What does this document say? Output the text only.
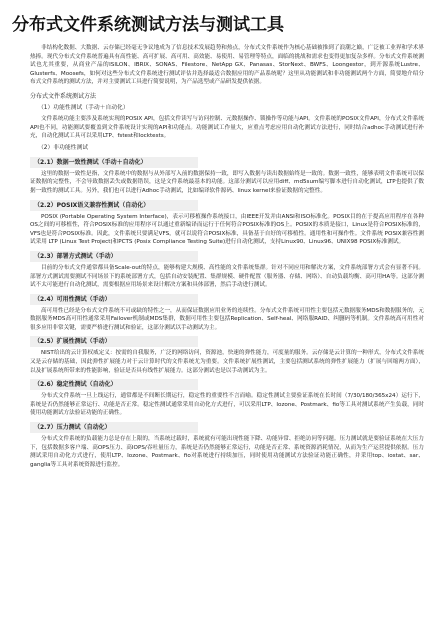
分布式文件系统测试方法与测试工具

非结构化数据、大数据、云存储已经毫无争议地成为了信息技术发展趋势和热点，分布式文件系统作为核心基础被推到了浪潮之巅，广泛被工业界和学术界热捧。现代分布式文件系统普遍具有高性能、高可扩展、高可用、高效能、易使用、易管理等特点，面临的挑战和需求也变得更加复杂多样。分布式文件系统测试也尤其重要，从商业产品的ISILON、IBRIX、SONAS、Filestore、NetApp GX、Panasas、StorNext、BWFS、Loongestor，到开源系统Lustre、Glusterfs、Moosefs，如何对这些分布式文件系统进行测试评估并选择最适合数据应用的产品系统呢？这里从功能测试和非功能测试两个方面，简要地介绍分布式文件系统的测试方法，并对主要测试工具进行简要说明，为产品选型或产品研发提供依据。

分布式文件系统测试方法

（1）功能性测试（手动＋自动化）

文件系统功能主要涉及系统实现的POSIX API，包括文件读写与访问控制、元数据操作、锁操作等功能与API。文件系统的POSIX文件API，分布式文件系统API也不同，功能测试要覆盖到文件系统设计实现的API和功能点。功能测试工作量大，应重点考虑应用自动化测试方法进行，同时结合adhoc手动测试进行补充，自动化测试工具可以采用LTP、fstest和locktests。

（2）非功能性测试

（2.1）数据一致性测试（手动＋自动化）

这里的数据一致性是指，文件系统中的数据与从外部写入前的数据保持一致，即写入数据与读出数据始终是一致的。数据一致性，能够表明文件系统可以保证数据的完整性，不会导致数据丢失或数据错误，这是文件系统最基本的功能。这部分测试可以应用diff、md5sum编写脚本进行自动化测试，LTP也提供了数据一致性的测试工具。另外，我们也可以进行Adhoc手动测试，比如编译软件源码、linux kernel来验证数据的完整性。

（2.2）POSIX语义兼容性测试（自动化）

POSIX (Portable Operating System Interface)，表示可移植操作系统接口，由IEEE开发并由ANSI和ISO标准化。POSIX目的在于提高应用程序在各种OS之间的可移植性，符合POSIX标准的应用程序可以通过重新编译而运行于任何符合POSIX标准的OS上。POSIX的本质是接口，Linux是符合POSIX标准的，VFS也是符合POSIX标准。因此，文件系统只要满足VFS，就可以说符合POSIX标准，具备基于自好的可移植性。通用性和可操作性。文件系统 POSIX兼容性测试采用 LTP (Linux Test Project)和PCTS (Posix Compliance Testing Suite)进行自动化测试，支持Linux90、Linux96、UNIX98 POSIX标准测试。

（2.3）部署方式测试（手动）

目前的分布式文件通常都具备Scale-out的特点，能够构建大规模、高性能的文件系统集群。针对不同应用和解决方案，文件系统部署方式会有显著不同。部署方式测试需要测试不同场景下的系统部署方式，包括自动安装配置、集群规模、硬件配置（服务器、存储、网络）、自动负载均衡、高可用HA等。这部分测试不太可能进行自动化测试，需要根据应用场景来设计解决方案和具体部署，然后手动进行测试。

（2.4）可用性测试（手动）

高可用性已经是分布式文件系统不可或缺的特性之一，从而保证数据应用业务的连续性。分布式文件系统可用性主要包括元数据服务MDS和数据服务的，元数据服务MDS高可用性通常采用Failover机制或MDS集群，数据可用性主要包括Replication、Self-heal、网络服RAID、纠删码等机制。文件系统高可用性对很多应用非常关键，需要严格进行测试和验证，这部分测试以手动测试为主。

（2.5）扩展性测试（手动）

NIST给出的云计算权威定义：按需的自我服务，广泛的网络访问，资源池，快速的弹性能力，可度量的服务。云存储是云计算的一种形式，分布式文件系统又是云存储的基础，因此弹性扩展能力对于云计算时代的文件系统尤为重要。文件系统扩展性测试，主要包括测试系统的弹性扩展能力（扩展与回缩两方面），以及扩展系统所带来的性能影响，验证是否具有线性扩展能力。这部分测试也是以手动测试为主。

（2.6）稳定性测试（自动化）

分布式文件系统一旦上线运行，通常都是不间断长期运行，稳定性的重要性不言而喻。稳定性测试主要验证系统在长时间（7/30/180/365x24）运行下，系统是否仍然能够正常运行、功能是否正常。稳定性测试通常采用自动化方式进行，可以采用LTP、Iozone、Postmark、fio等工具对测试系统产生负载，同时使用功能测试方法验证功能的正确性。

（2.7）压力测试（自动化）

分布式文件系统的负载能力总是存在上限的，当系统过载时，系统就有可能出现性能下降、功能异常、拒绝访问等问题。压力测试就是要验证系统在大压力下，包括数据多客户端、高OPS压力、高IOPS/吞吐量压力，系统是否仍然能够正常运行，功能是否正常、系统资源消耗情况，从而为生产运营提供依据。压力测试采用自动化方式进行，使用LTP、Iozone、Postmark、fio对系统进行持续加压，同时使用功能测试方法验证功能正确性，并采用top、iostat、sar、ganglia等工具对系统资源进行监控。
